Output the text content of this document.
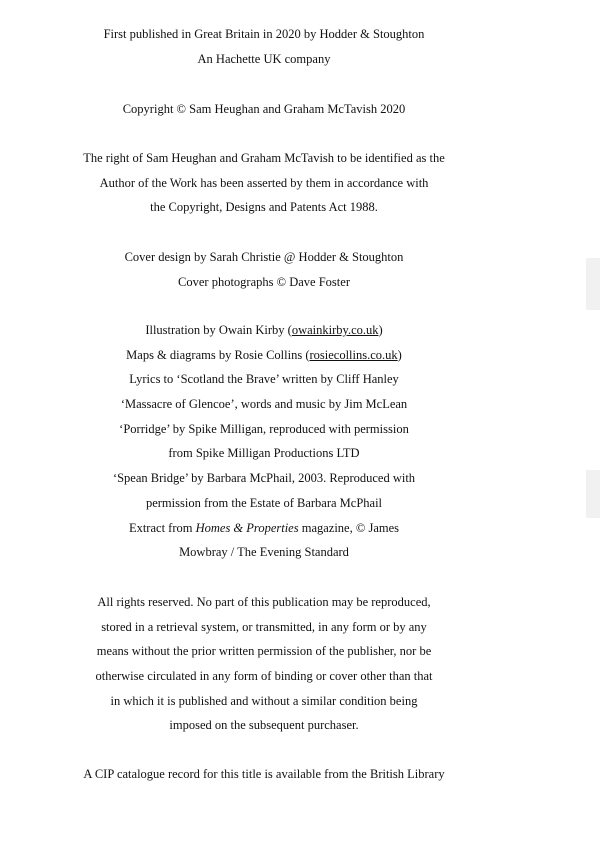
First published in Great Britain in 2020 by Hodder & Stoughton
An Hachette UK company
Copyright © Sam Heughan and Graham McTavish 2020
The right of Sam Heughan and Graham McTavish to be identified as the
Author of the Work has been asserted by them in accordance with
the Copyright, Designs and Patents Act 1988.
Cover design by Sarah Christie @ Hodder & Stoughton
Cover photographs © Dave Foster
Illustration by Owain Kirby (owainkirby.co.uk)
Maps & diagrams by Rosie Collins (rosiecollins.co.uk)
Lyrics to ‘Scotland the Brave’ written by Cliff Hanley
‘Massacre of Glencoe’, words and music by Jim McLean
‘Porridge’ by Spike Milligan, reproduced with permission
from Spike Milligan Productions LTD
‘Spean Bridge’ by Barbara McPhail, 2003. Reproduced with
permission from the Estate of Barbara McPhail
Extract from Homes & Properties magazine, © James
Mowbray / The Evening Standard
All rights reserved. No part of this publication may be reproduced,
stored in a retrieval system, or transmitted, in any form or by any
means without the prior written permission of the publisher, nor be
otherwise circulated in any form of binding or cover other than that
in which it is published and without a similar condition being
imposed on the subsequent purchaser.
A CIP catalogue record for this title is available from the British Library
